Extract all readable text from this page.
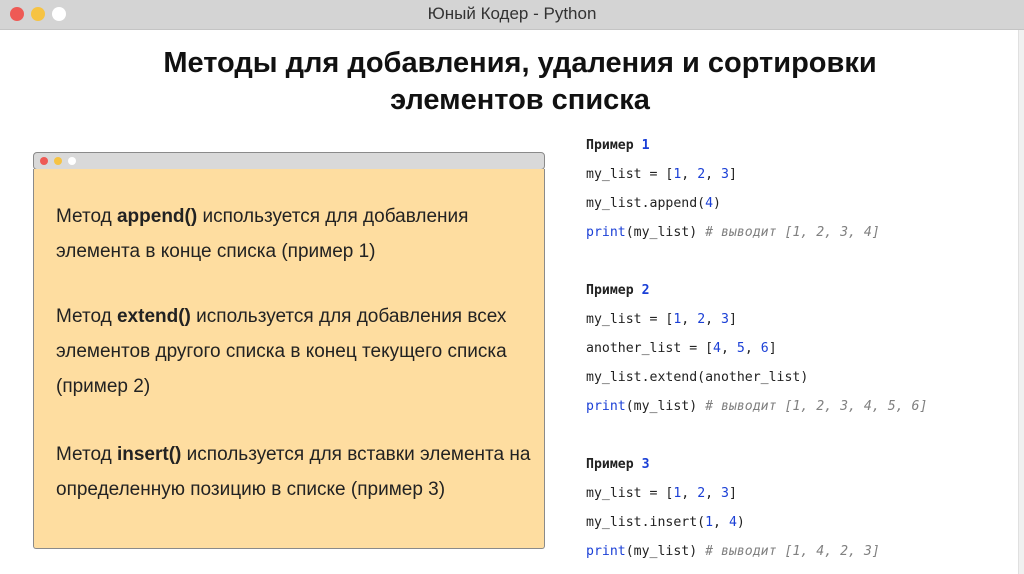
Юный Кодер - Python
Методы для добавления, удаления и сортировки
элементов списка
Метод append() используется для добавления элемента в конце списка (пример 1)
Метод extend() используется для добавления всех элементов другого списка в конец текущего списка (пример 2)
Метод insert() используется для вставки элемента на определенную позицию в списке (пример 3)
Пример 1
my_list = [1, 2, 3]
my_list.append(4)
print(my_list) # выводит [1, 2, 3, 4]
Пример 2
my_list = [1, 2, 3]
another_list = [4, 5, 6]
my_list.extend(another_list)
print(my_list) # выводит [1, 2, 3, 4, 5, 6]
Пример 3
my_list = [1, 2, 3]
my_list.insert(1, 4)
print(my_list) # выводит [1, 4, 2, 3]
